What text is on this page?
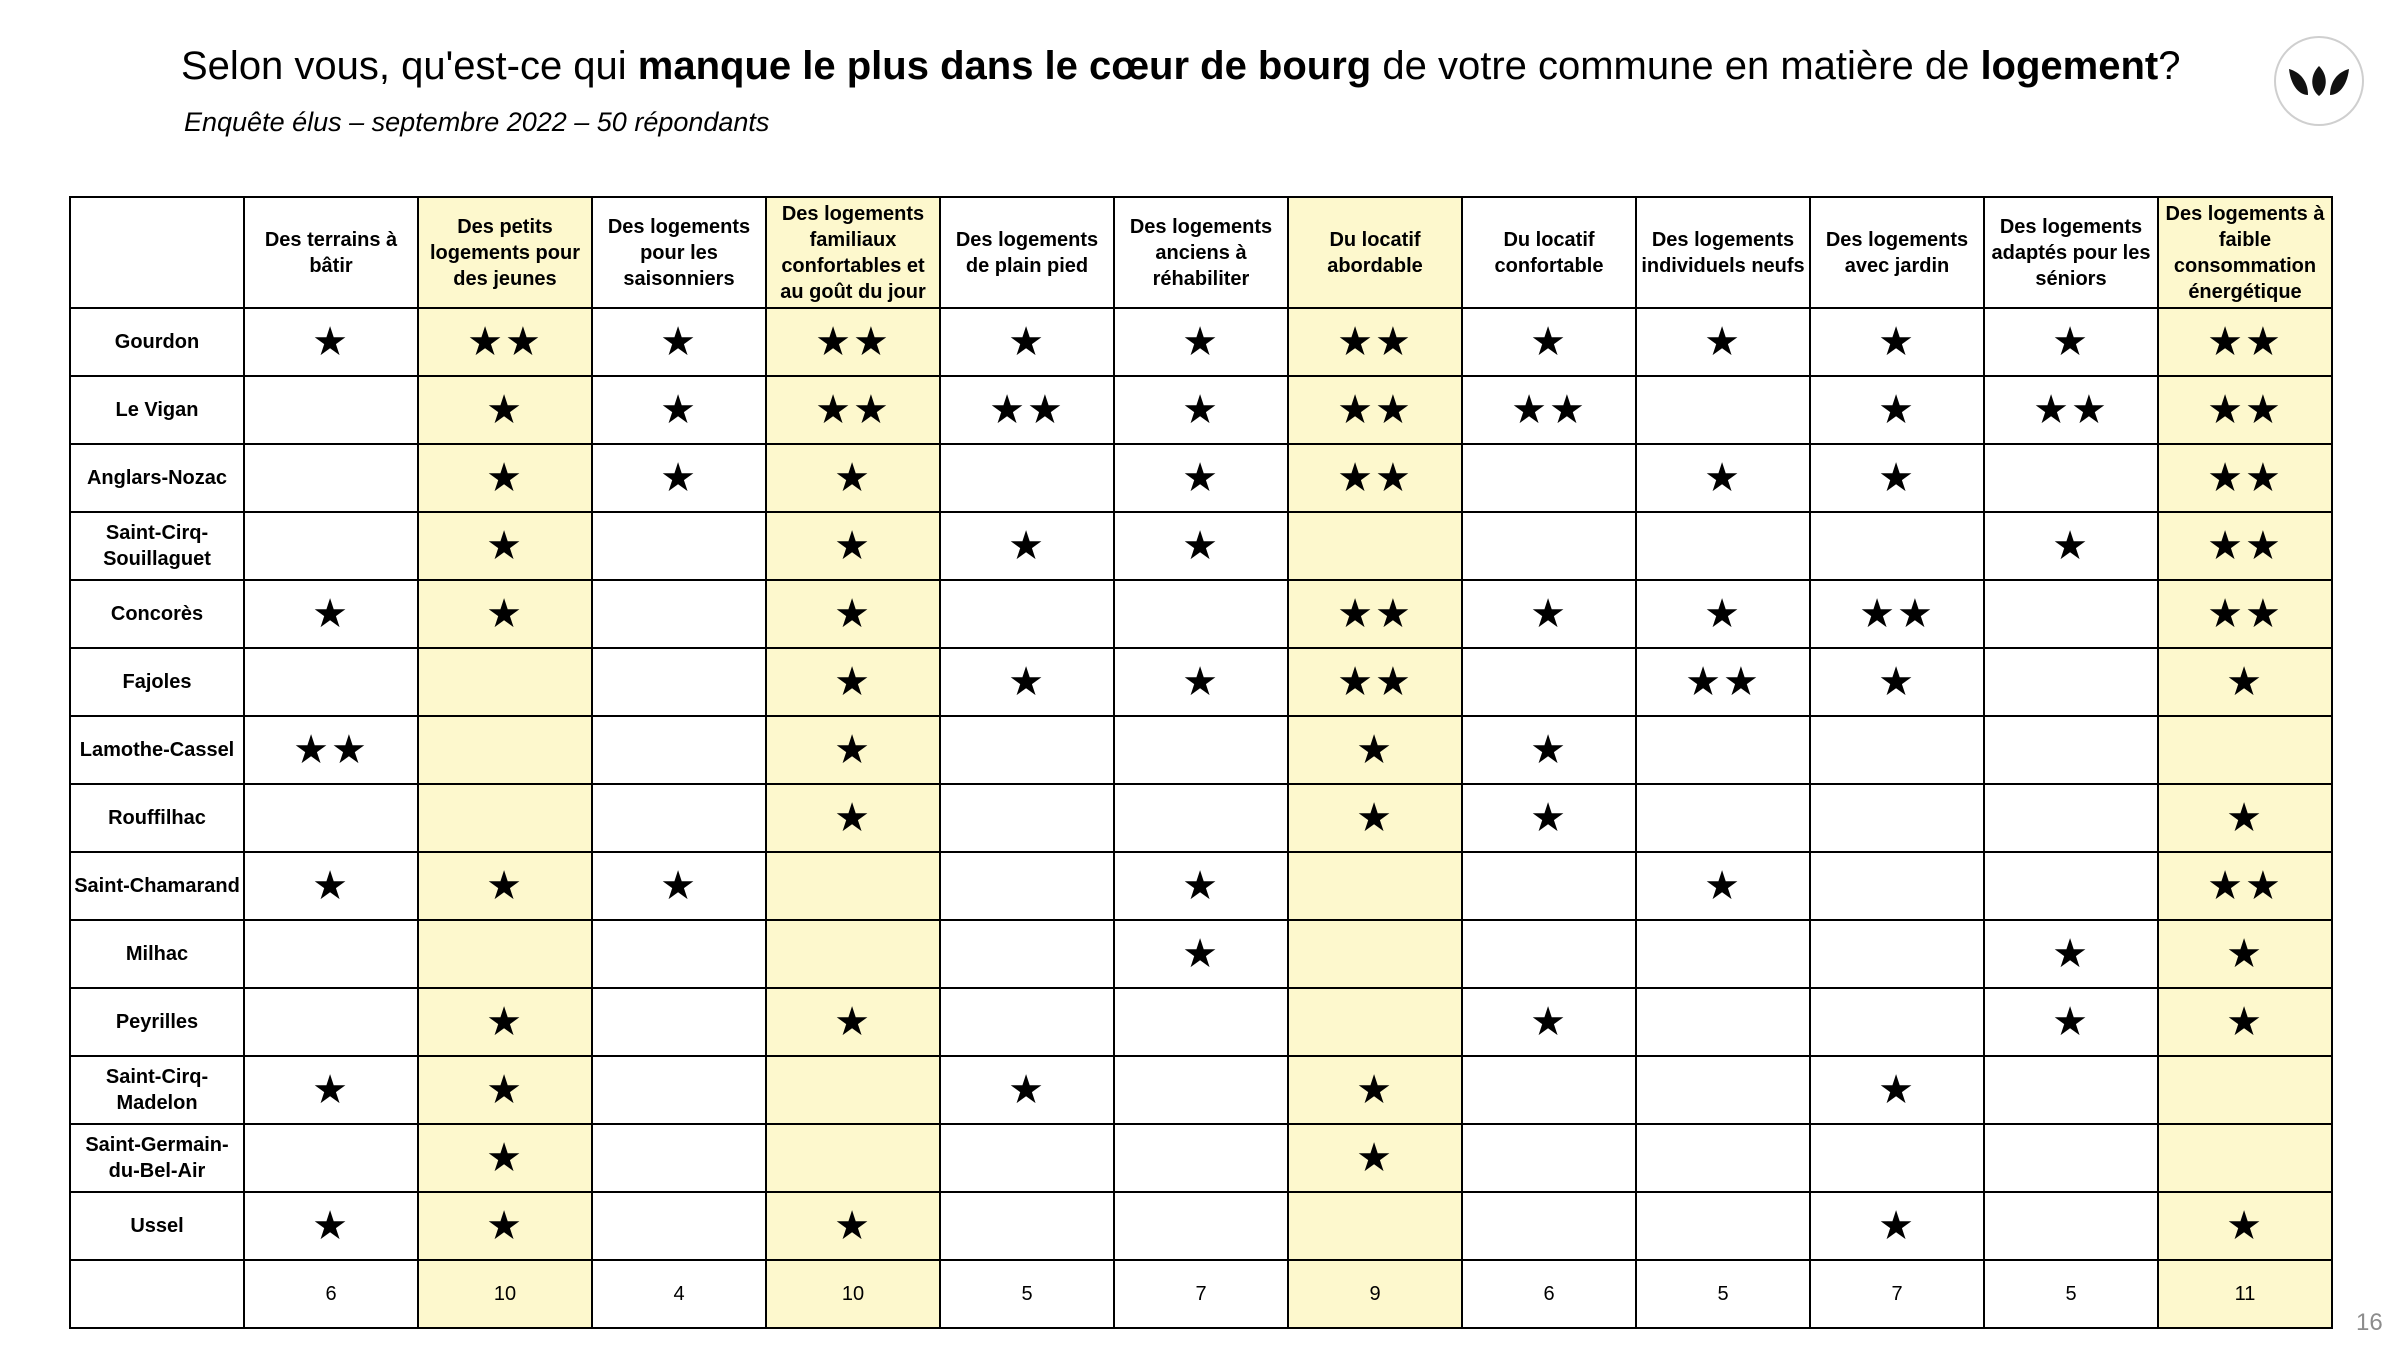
Selon vous, qu'est-ce qui manque le plus dans le cœur de bourg de votre commune en matière de logement?
Enquête élus – septembre 2022 – 50 répondants

	Des terrains à bâtir	Des petits logements pour des jeunes	Des logements pour les saisonniers	Des logements familiaux confortables et au goût du jour	Des logements de plain pied	Des logements anciens à réhabiliter	Du locatif abordable	Du locatif confortable	Des logements individuels neufs	Des logements avec jardin	Des logements adaptés pour les séniors	Des logements à faible consommation énergétique

Gourdon	★	★★	★	★★	★	★	★★	★	★	★	★	★★
Le Vigan		★	★	★★	★★	★	★★	★★		★	★★	★★
Anglars-Nozac		★	★	★		★	★★		★	★		★★
Saint-Cirq-Souillaguet		★		★	★	★					★	★★
Concorès	★	★		★			★★	★	★	★★		★★
Fajoles				★	★	★	★★		★★	★		★
Lamothe-Cassel	★★			★			★	★				
Rouffilhac				★			★	★				★
Saint-Chamarand	★	★	★			★			★			★★
Milhac						★					★	★
Peyrilles		★		★				★			★	★
Saint-Cirq-Madelon	★	★			★		★			★		
Saint-Germain-du-Bel-Air		★					★					
Ussel	★	★		★						★		★
	6	10	4	10	5	7	9	6	5	7	5	11
16
